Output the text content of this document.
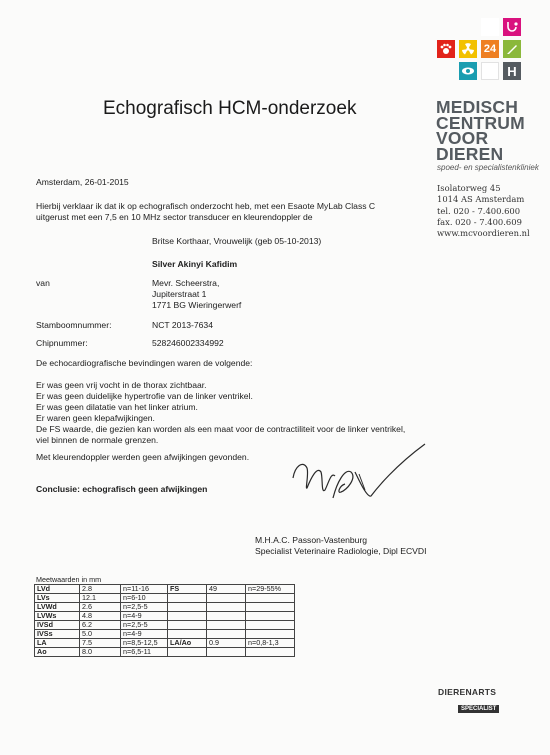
24
H
MEDISCH
CENTRUM
VOOR
DIEREN
spoed- en specialistenkliniek
Isolatorweg 45
1014 AS Amsterdam
tel. 020 - 7.400.600
fax. 020 - 7.400.609
www.mcvoordieren.nl
Echografisch HCM-onderzoek
Amsterdam, 26-01-2015
Hierbij verklaar ik dat ik op echografisch onderzocht heb, met een Esaote MyLab Class C
uitgerust met een 7,5 en 10 MHz sector transducer en kleurendoppler de
Britse Korthaar, Vrouwelijk (geb 05-10-2013)
Silver Akinyi Kafidim
van	Mevr. Scheerstra,
Jupiterstraat 1
1771 BG Wieringerwerf
Stamboomnummer:	NCT 2013-7634
Chipnummer:	528246002334992
De echocardiografische bevindingen waren de volgende:
Er was geen vrij vocht in de thorax zichtbaar.
Er was geen duidelijke hypertrofie van de linker ventrikel.
Er was geen dilatatie van het linker atrium.
Er waren geen klepafwijkingen.
De FS waarde, die gezien kan worden als een maat voor de contractiliteit voor de linker ventrikel,
viel binnen de normale grenzen.
Met kleurendoppler werden geen afwijkingen gevonden.
Conclusie: echografisch geen afwijkingen
M.H.A.C. Passon-Vastenburg
Specialist Veterinaire Radiologie, Dipl ECVDI
Meetwaarden in mm
LVd	2.8	n=11-16	FS	49	n=29-55%
LVs	12.1	n=6-10			
LVWd	2.6	n=2,5-5			
LVWs	4.8	n=4-9			
IVSd	6.2	n=2,5-5			
IVSs	5.0	n=4-9			
LA	7.5	n=8,5-12,5	LA/Ao	0.9	n=0,8-1,3
Ao	8.0	n=6,5-11			
DIERENARTS
SPECIALIST
